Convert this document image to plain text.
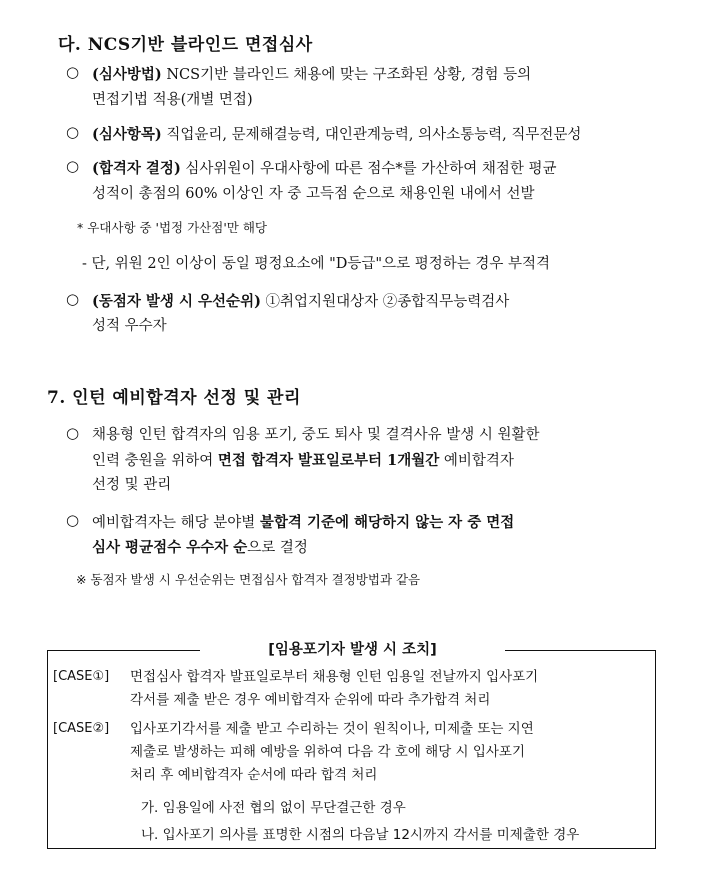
다. NCS기반 블라인드 면접심사
○ (심사방법) NCS기반 블라인드 채용에 맞는 구조화된 상황, 경험 등의
면접기법 적용(개별 면접)
○ (심사항목) 직업윤리, 문제해결능력, 대인관계능력, 의사소통능력, 직무전문성
○ (합격자 결정) 심사위원이 우대사항에 따른 점수*를 가산하여 채점한 평균
성적이 총점의 60% 이상인 자 중 고득점 순으로 채용인원 내에서 선발
* 우대사항 중 '법정 가산점'만 해당
- 단, 위원 2인 이상이 동일 평정요소에 "D등급"으로 평정하는 경우 부적격
○ (동점자 발생 시 우선순위) ①취업지원대상자 ②종합직무능력검사
성적 우수자
7. 인턴 예비합격자 선정 및 관리
○ 채용형 인턴 합격자의 임용 포기, 중도 퇴사 및 결격사유 발생 시 원활한
인력 충원을 위하여 면접 합격자 발표일로부터 1개월간 예비합격자
선정 및 관리
○ 예비합격자는 해당 분야별 불합격 기준에 해당하지 않는 자 중 면접
심사 평균점수 우수자 순으로 결정
※ 동점자 발생 시 우선순위는 면접심사 합격자 결정방법과 같음
[임용포기자 발생 시 조치]
[CASE①] 면접심사 합격자 발표일로부터 채용형 인턴 임용일 전날까지 입사포기
각서를 제출 받은 경우 예비합격자 순위에 따라 추가합격 처리
[CASE②] 입사포기각서를 제출 받고 수리하는 것이 원칙이나, 미제출 또는 지연
제출로 발생하는 피해 예방을 위하여 다음 각 호에 해당 시 입사포기
처리 후 예비합격자 순서에 따라 합격 처리
가. 임용일에 사전 협의 없이 무단결근한 경우
나. 입사포기 의사를 표명한 시점의 다음날 12시까지 각서를 미제출한 경우
